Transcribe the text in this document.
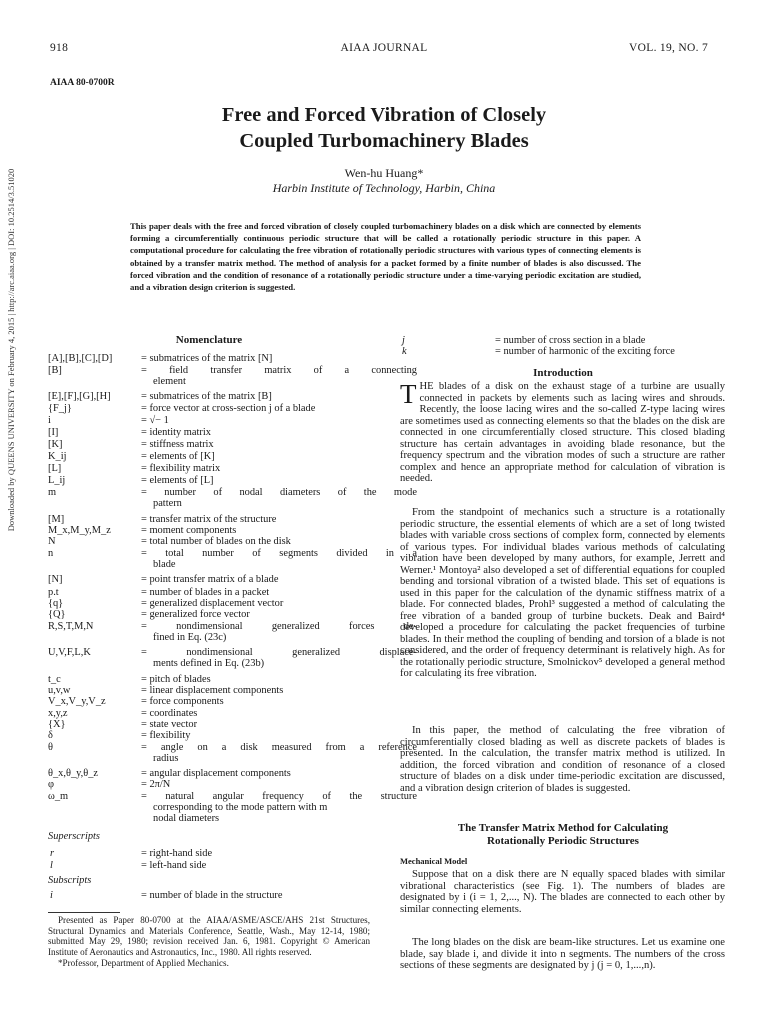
918	AIAA JOURNAL	VOL. 19, NO. 7
AIAA 80-0700R
Free and Forced Vibration of Closely
Coupled Turbomachinery Blades
Wen-hu Huang*
Harbin Institute of Technology, Harbin, China
This paper deals with the free and forced vibration of closely coupled turbomachinery blades on a disk which are connected by elements forming a circumferentially continuous periodic structure that will be called a rotationally periodic structure in this paper. A computational procedure for calculating the free vibration of rotationally periodic structures with various types of connecting elements is obtained by a transfer matrix method. The method of analysis for a packet formed by a finite number of blades is also discussed. The forced vibration and the condition of resonance of a rotationally periodic structure under a time-varying periodic excitation are studied, and a vibration design criterion is suggested.
Downloaded by QUEENS UNIVERSITY on February 4, 2015 | http://arc.aiaa.org | DOI: 10.2514/3.51020	Nomenclature
[A],[B],[C],[D]	= submatrices of the matrix [N]
[B]	= field transfer matrix of a connecting
element
[E],[F],[G],[H]	= submatrices of the matrix [B]
{F_j}	= force vector at cross-section j of a blade
i	= √− 1
[I]	= identity matrix
[K]	= stiffness matrix
K_ij	= elements of [K]
[L]	= flexibility matrix
L_ij	= elements of [L]
m	= number of nodal diameters of the mode
pattern
[M]	= transfer matrix of the structure
M_x,M_y,M_z	= moment components
N	= total number of blades on the disk
n	= total number of segments divided in a
blade
[N]	= point transfer matrix of a blade
p.t	= number of blades in a packet
{q}	= generalized displacement vector
{Q}	= generalized force vector
R,S,T,M,N	= nondimensional generalized forces de-
fined in Eq. (23c)
U,V,F,L,K	= nondimensional generalized displace-
ments defined in Eq. (23b)
t_c	= pitch of blades
u,v,w	= linear displacement components
V_x,V_y,V_z	= force components
x,y,z	= coordinates
{X}	= state vector
δ	= flexibility
θ	= angle on a disk measured from a reference
radius
θ_x,θ_y,θ_z	= angular displacement components
φ	= 2π/N
ω_m	= natural angular frequency of the structure
corresponding to the mode pattern with m
nodal diameters
Superscripts
r	= right-hand side
l	= left-hand side
Subscripts
i	= number of blade in the structure
j	= number of cross section in a blade
k	= number of harmonic of the exciting force
Introduction
THE blades of a disk on the exhaust stage of a turbine are usually connected in packets by elements such as lacing wires and shrouds. Recently, the loose lacing wires and the so-called Z-type lacing wires are sometimes used as connecting elements so that the blades on the disk are connected in one circumferentially closed structure. This closed blading structure has certain advantages in avoiding blade resonance, but the frequency spectrum and the vibration modes of such a structure are rather complex and hence an appropriate method for calculation of vibration is needed.
From the standpoint of mechanics such a structure is a rotationally periodic structure, the essential elements of which are a set of long twisted blades with variable cross sections of complex form, connected by elements of various types. For individual blades various methods of calculating vibration have been developed by many authors, for example, Jerrett and Werner.¹ Montoya² also developed a set of differential equations for coupled bending and torsional vibration of a twisted blade. This set of equations is used in this paper for the calculation of the dynamic stiffness matrix of a blade. For connected blades, Prohl³ suggested a method of calculating the free vibration of a banded group of turbine buckets. Deak and Baird⁴ developed a procedure for calculating the packet frequencies of turbine blades. In their method the coupling of bending and torsion of a blade is not considered, and the order of frequency determinant is relatively high. As for the rotationally periodic structure, Smolnickov⁵ developed a general method for calculating its free vibration.
In this paper, the method of calculating the free vibration of circumferentially closed blading as well as discrete packets of blades is presented. In the calculation, the transfer matrix method is utilized. In addition, the forced vibration and condition of resonance of a closed structure of blades on a disk under time-periodic excitation are discussed, and a vibration design criterion of blades is suggested.
The Transfer Matrix Method for Calculating
Rotationally Periodic Structures
Mechanical Model
Suppose that on a disk there are N equally spaced blades with similar vibrational characteristics (see Fig. 1). The numbers of blades are designated by i (i = 1, 2,..., N). The blades are connected to each other by similar connecting elements.
The long blades on the disk are beam-like structures. Let us examine one blade, say blade i, and divide it into n segments. The numbers of the cross sections of these segments are designated by j (j = 0, 1,...,n).
Presented as Paper 80-0700 at the AIAA/ASME/ASCE/AHS 21st Structures, Structural Dynamics and Materials Conference, Seattle, Wash., May 12-14, 1980; submitted May 29, 1980; revision received Jan. 6, 1981. Copyright © American Institute of Aeronautics and Astronautics, Inc., 1980. All rights reserved.
*Professor, Department of Applied Mechanics.
